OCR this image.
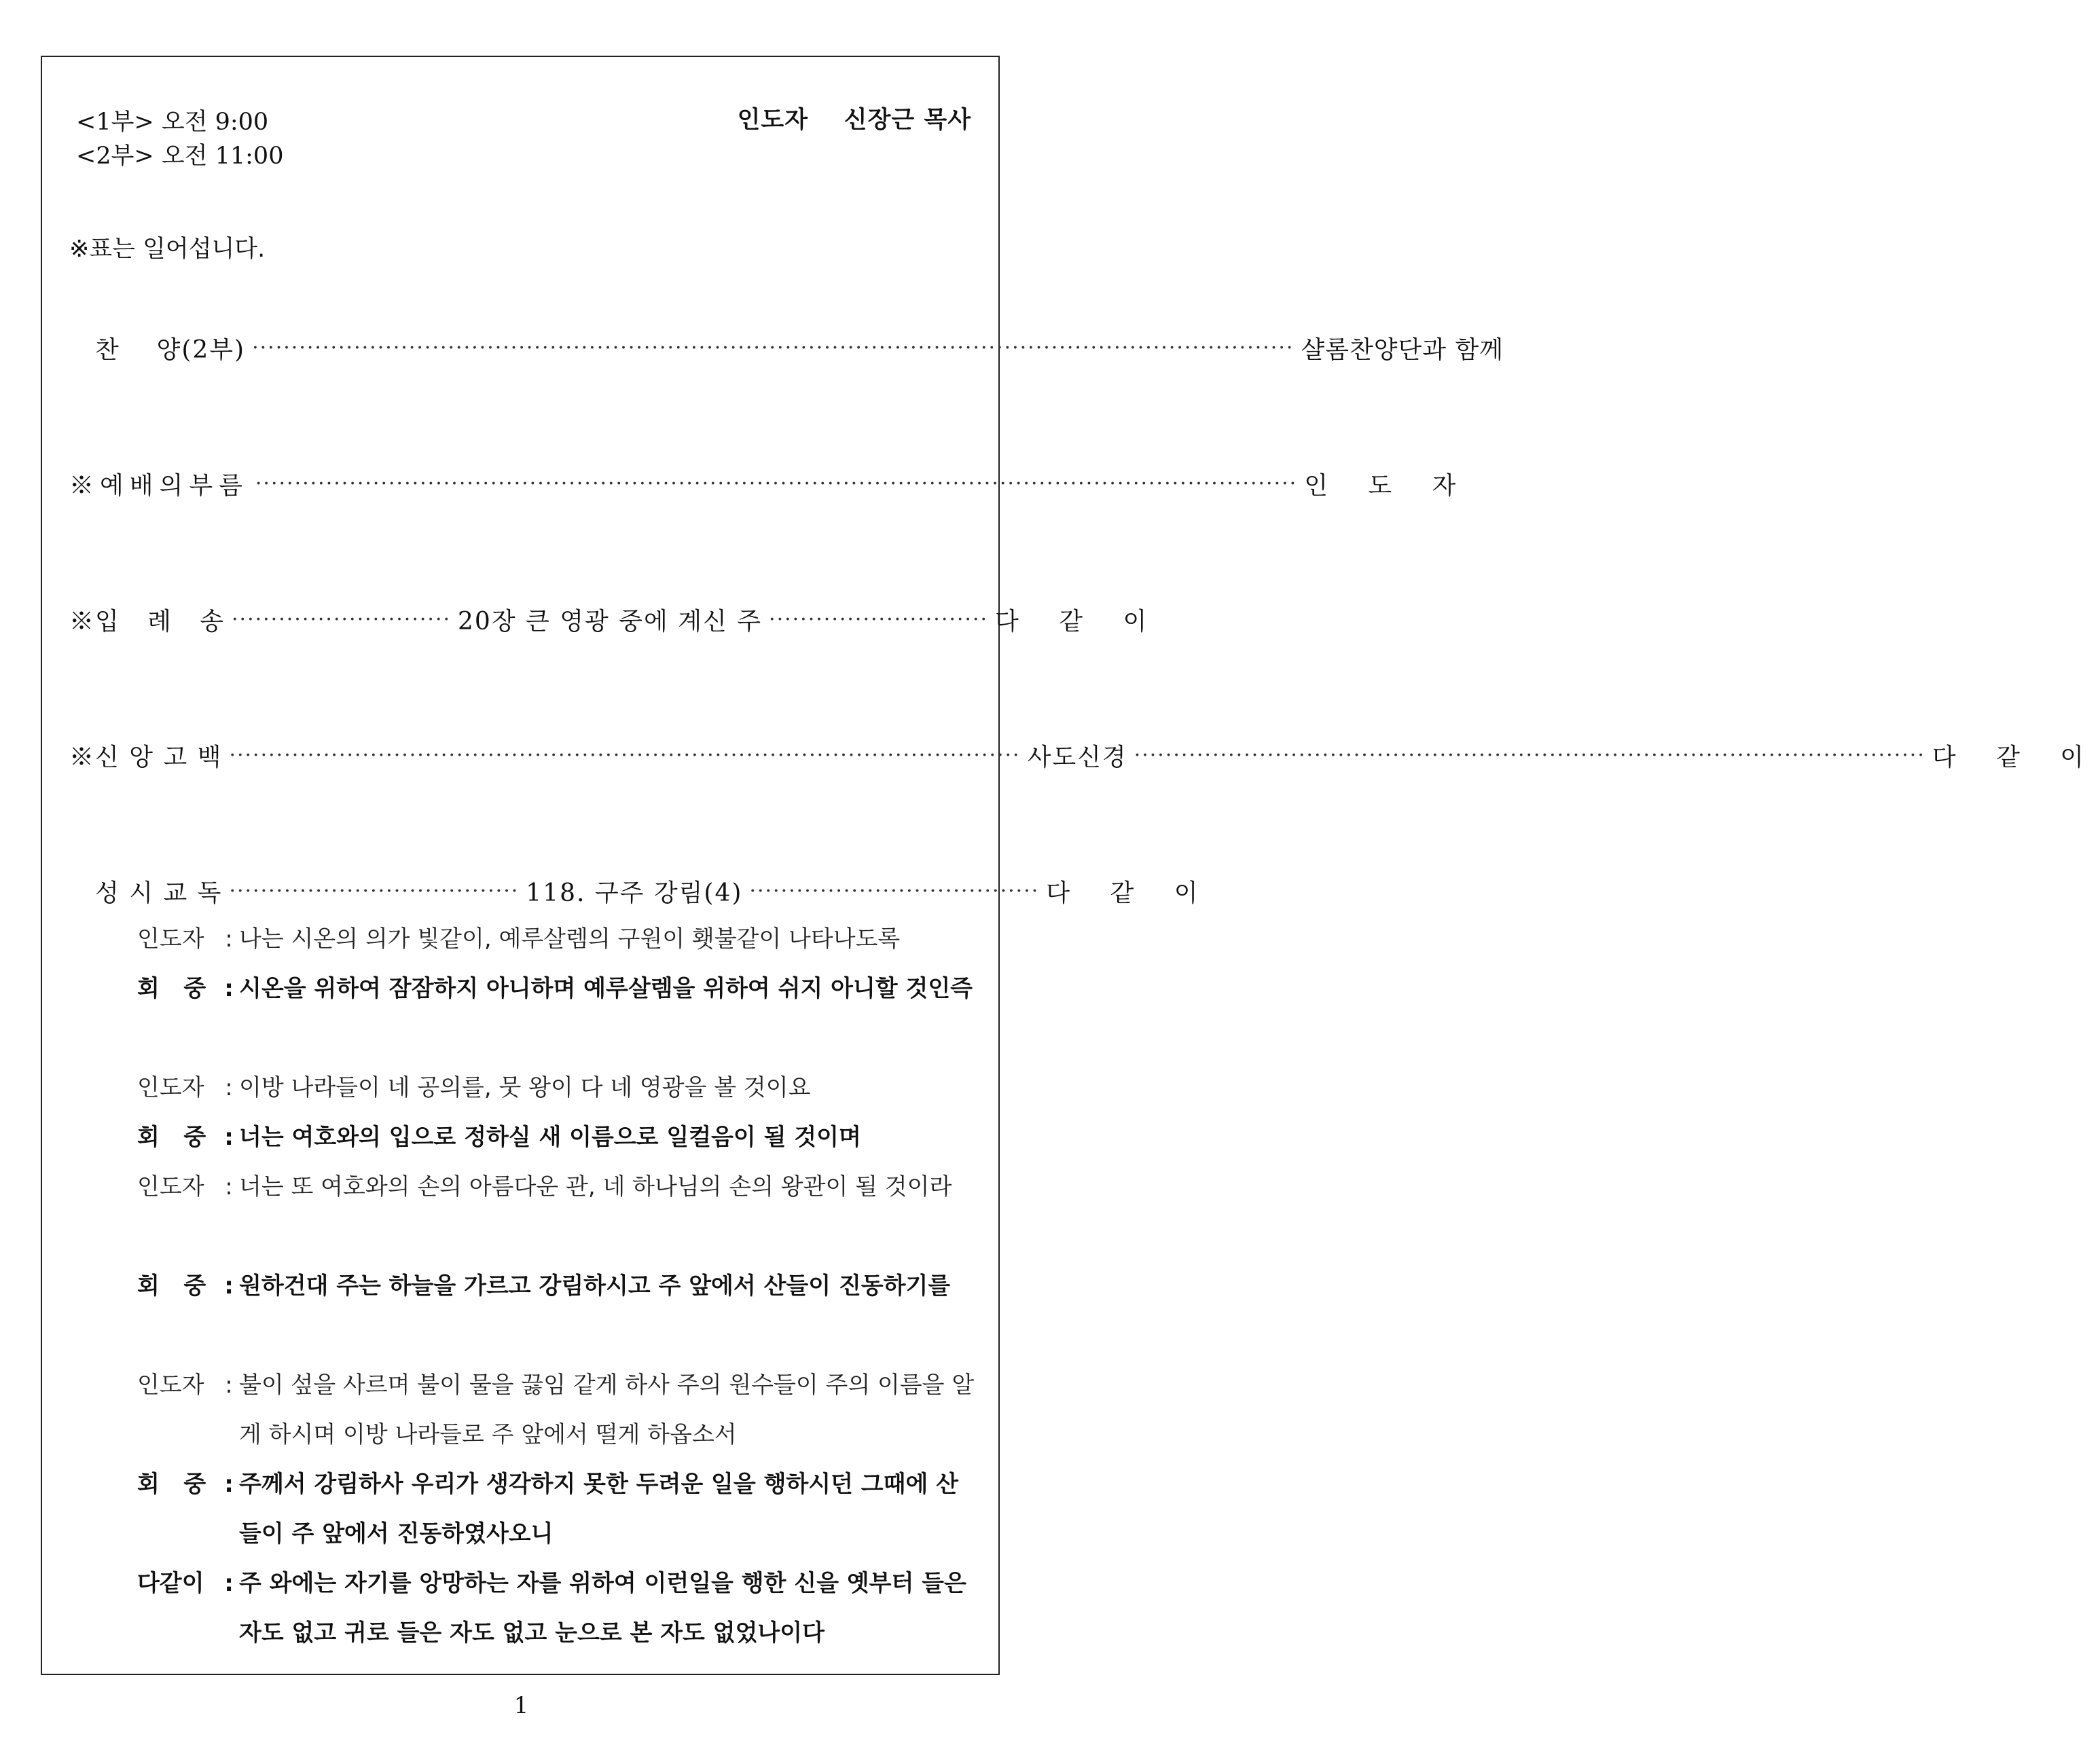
<1부> 오전 9:00
<2부> 오전 11:00
인도자    신장근 목사
※표는 일어섭니다.
찬    양(2부) ····································································································································· 샬롬찬양단과 함께
※예배의부름 ····································································································································· 인 도 자
※입   례   송 ···························· 20장 큰 영광 중에 계신 주 ···························· 다 같 이
※신 앙 고 백 ····································································································· 사도신경 ····································································································· 다 같 이
성 시 교 독 ····································· 118. 구주 강림(4) ····································· 다 같 이
인도자 : 나는 시온의 의가 빛같이, 예루살렘의 구원이 횃불같이 나타나도록
회   중 : 시온을 위하여 잠잠하지 아니하며 예루살렘을 위하여 쉬지 아니할 것인즉
인도자 : 이방 나라들이 네 공의를, 뭇 왕이 다 네 영광을 볼 것이요
회   중 : 너는 여호와의 입으로 정하실 새 이름으로 일컬음이 될 것이며
인도자 : 너는 또 여호와의 손의 아름다운 관, 네 하나님의 손의 왕관이 될 것이라
회   중 : 원하건대 주는 하늘을 가르고 강림하시고 주 앞에서 산들이 진동하기를
인도자 : 불이 섶을 사르며 불이 물을 끓임 같게 하사 주의 원수들이 주의 이름을 알게 하시며 이방 나라들로 주 앞에서 떨게 하옵소서
회   중 : 주께서 강림하사 우리가 생각하지 못한 두려운 일을 행하시던 그때에 산들이 주 앞에서 진동하였사오니
다같이 : 주 와에는 자기를 앙망하는 자를 위하여 이런일을 행한 신을 옛부터 들은 자도 없고 귀로 들은 자도 없고 눈으로 본 자도 없었나이다
1
